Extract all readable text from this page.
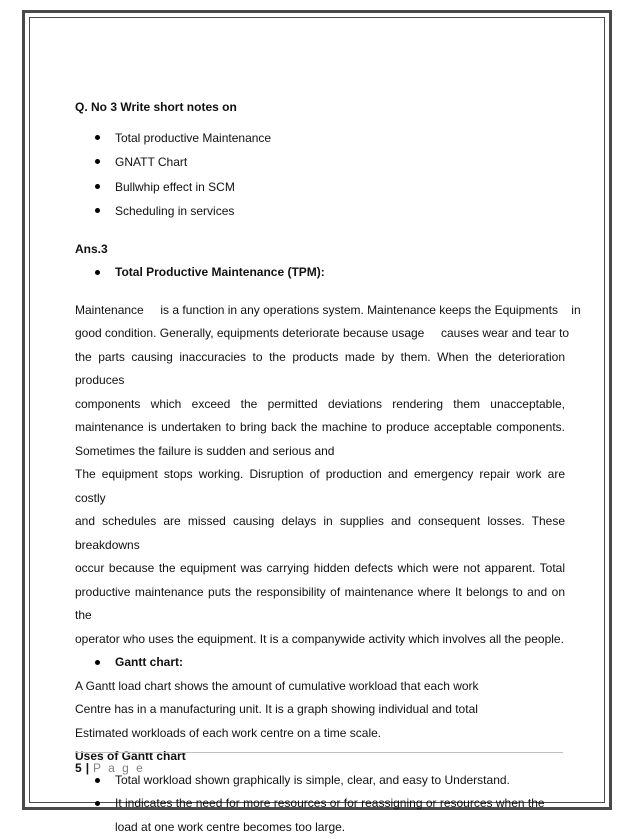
Q. No 3 Write short notes on
Total productive Maintenance
GNATT Chart
Bullwhip effect in SCM
Scheduling in services
Ans.3
Total Productive Maintenance (TPM):
Maintenance     is a function in any operations system. Maintenance keeps the Equipments    in
good condition. Generally, equipments deteriorate because usage     causes wear and tear to
the parts causing inaccuracies to the products made by them. When the deterioration produces
components which exceed the permitted deviations rendering them unacceptable,
maintenance is undertaken to bring back the machine to produce acceptable components.
Sometimes the failure is sudden and serious and
The equipment stops working. Disruption of production and emergency repair work are costly
and schedules are missed causing delays in supplies and consequent losses. These breakdowns
occur because the equipment was carrying hidden defects which were not apparent. Total
productive maintenance puts the responsibility of maintenance where It belongs to and on the
operator who uses the equipment. It is a companywide activity which involves all the people.
Gantt chart:
A Gantt load chart shows the amount of cumulative workload that each work
Centre has in a manufacturing unit. It is a graph showing individual and total
Estimated workloads of each work centre on a time scale.
Uses of Gantt chart
Total workload shown graphically is simple, clear, and easy to Understand.
It indicates the need for more resources or for reassigning or resources when the load at one work centre becomes too large.
5 | P a g e
